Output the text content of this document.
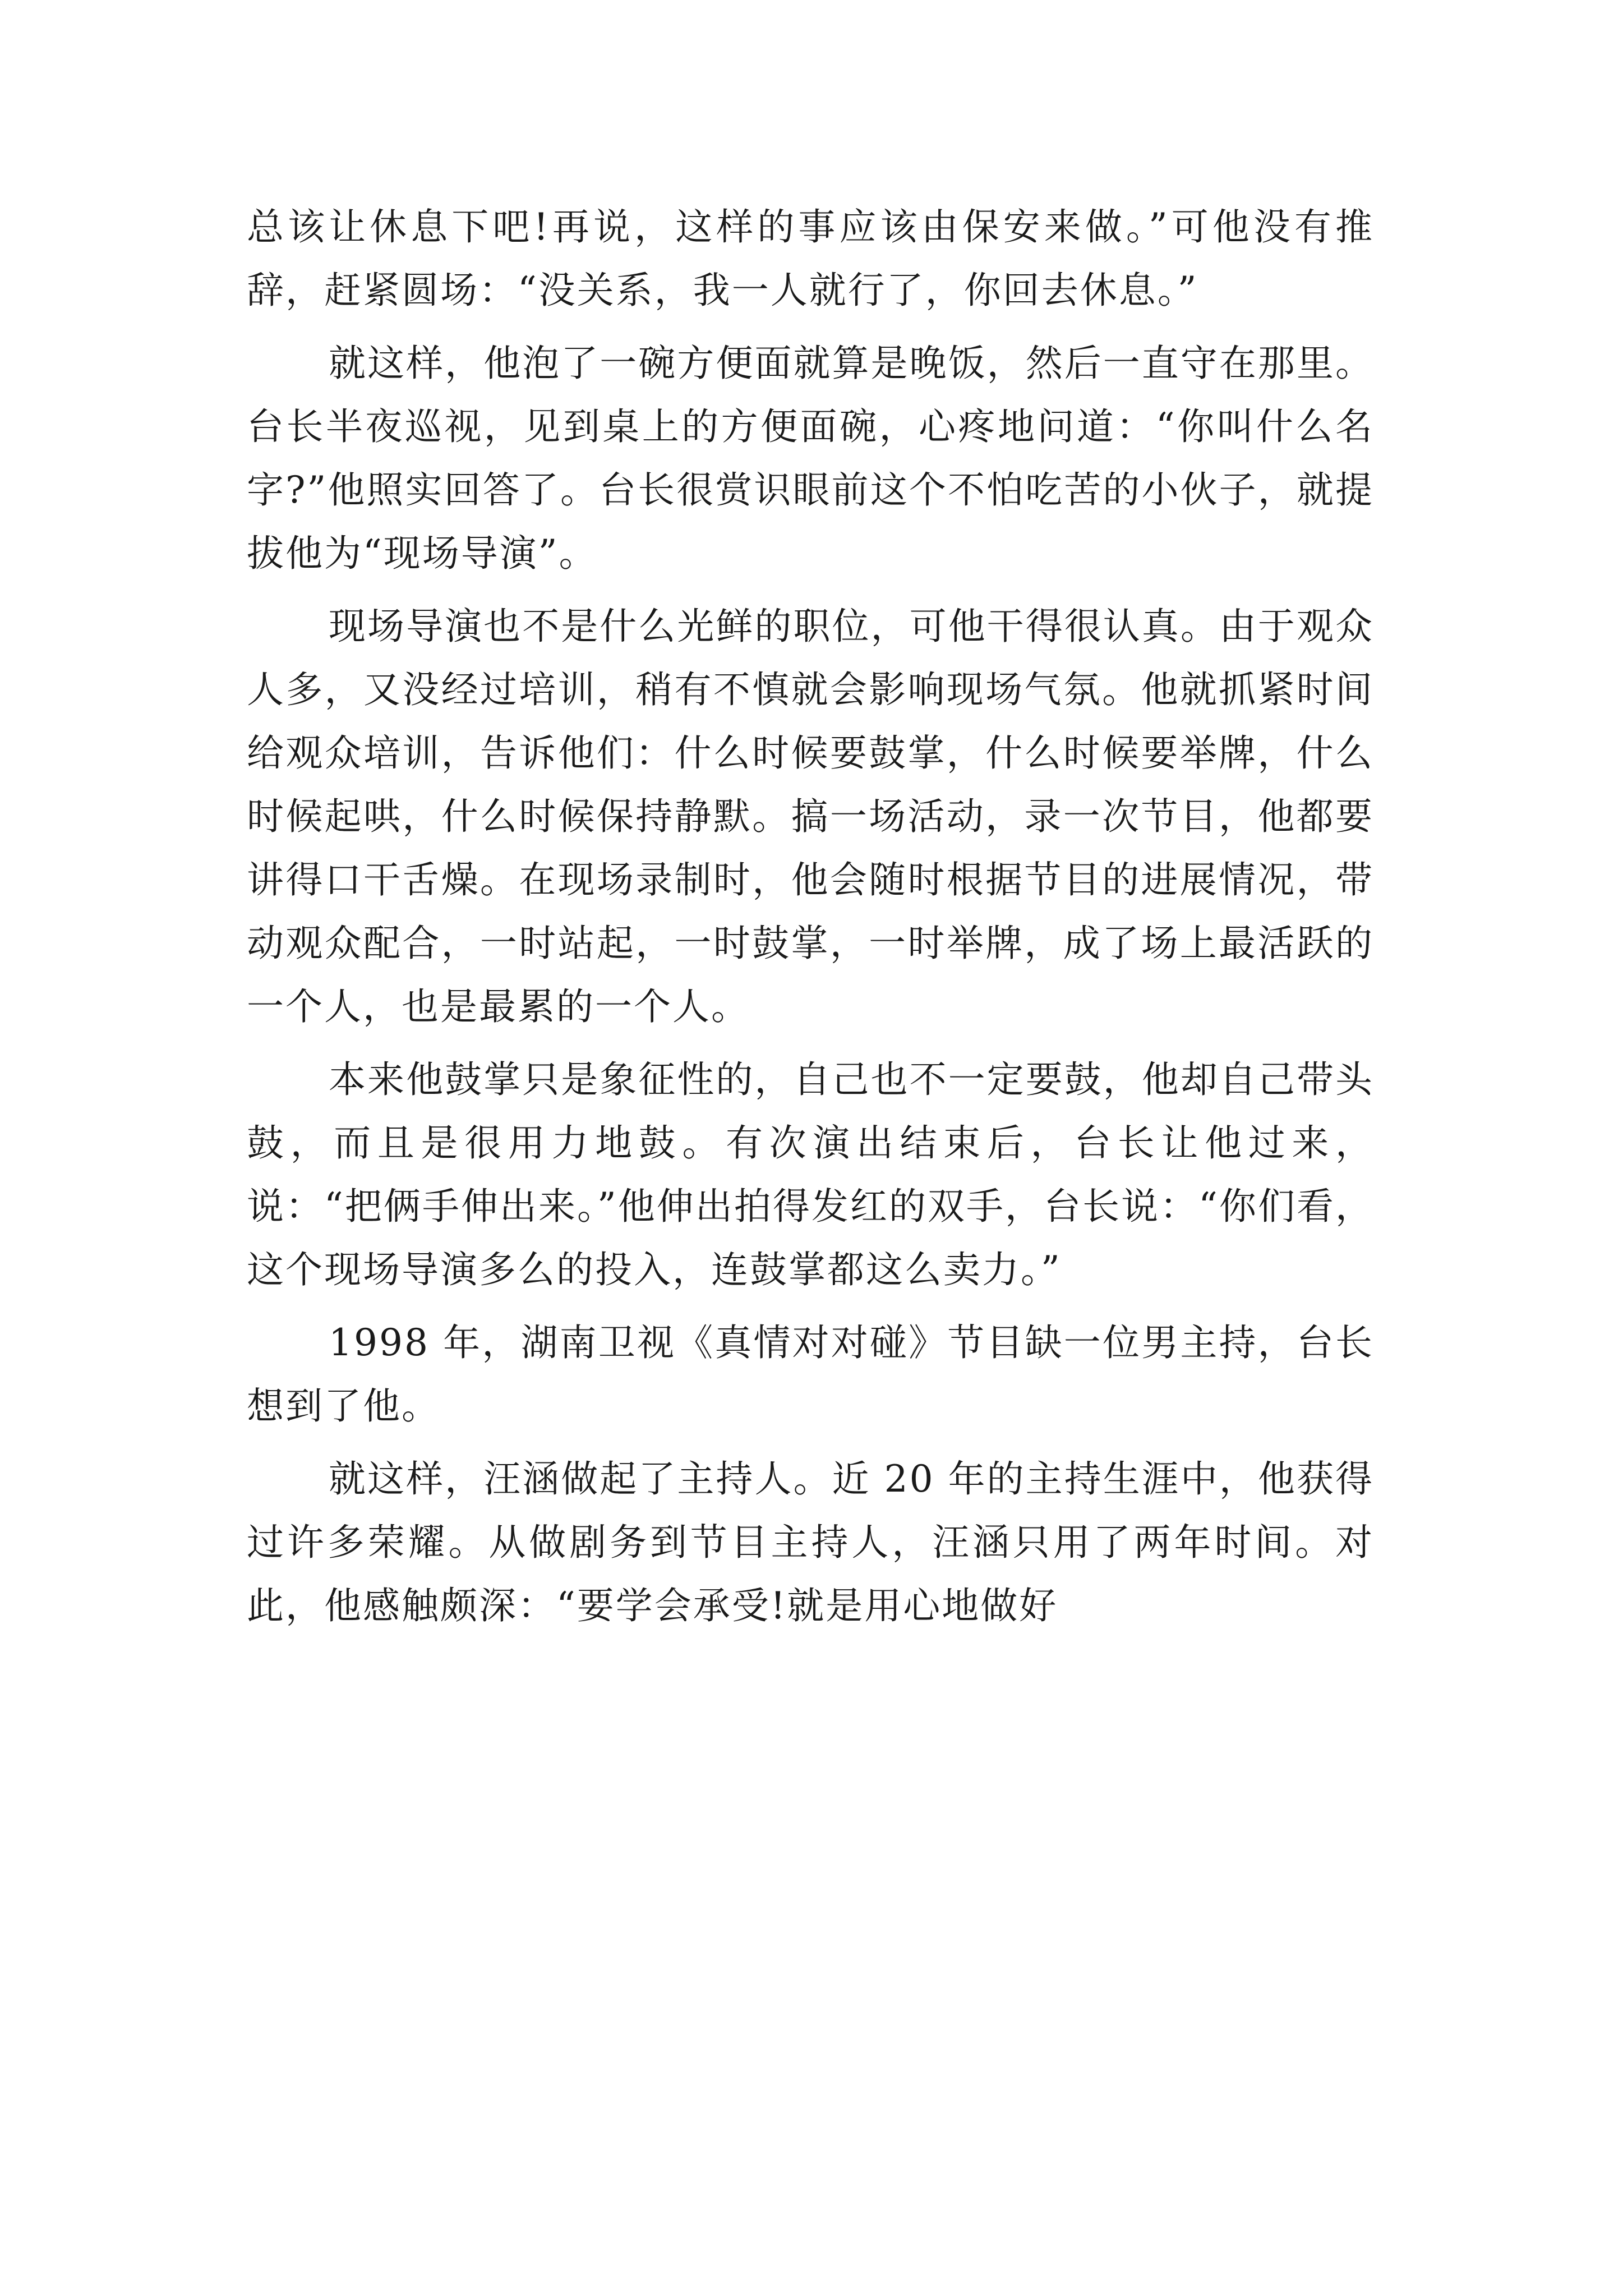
总该让休息下吧!再说，这样的事应该由保安来做。”可他没有推辞，赶紧圆场：“没关系，我一人就行了，你回去休息。”

就这样，他泡了一碗方便面就算是晚饭，然后一直守在那里。台长半夜巡视，见到桌上的方便面碗，心疼地问道：“你叫什么名字?”他照实回答了。台长很赏识眼前这个不怕吃苦的小伙子，就提拔他为“现场导演”。

现场导演也不是什么光鲜的职位，可他干得很认真。由于观众人多，又没经过培训，稍有不慎就会影响现场气氛。他就抓紧时间给观众培训，告诉他们：什么时候要鼓掌，什么时候要举牌，什么时候起哄，什么时候保持静默。搞一场活动，录一次节目，他都要讲得口干舌燥。在现场录制时，他会随时根据节目的进展情况，带动观众配合，一时站起，一时鼓掌，一时举牌，成了场上最活跃的一个人，也是最累的一个人。

本来他鼓掌只是象征性的，自己也不一定要鼓，他却自己带头鼓，而且是很用力地鼓。有次演出结束后，台长让他过来，说：“把俩手伸出来。”他伸出拍得发红的双手，台长说：“你们看，这个现场导演多么的投入，连鼓掌都这么卖力。”

1998 年，湖南卫视《真情对对碰》节目缺一位男主持，台长想到了他。

就这样，汪涵做起了主持人。近 20 年的主持生涯中，他获得过许多荣耀。从做剧务到节目主持人，汪涵只用了两年时间。对此，他感触颇深：“要学会承受!就是用心地做好
